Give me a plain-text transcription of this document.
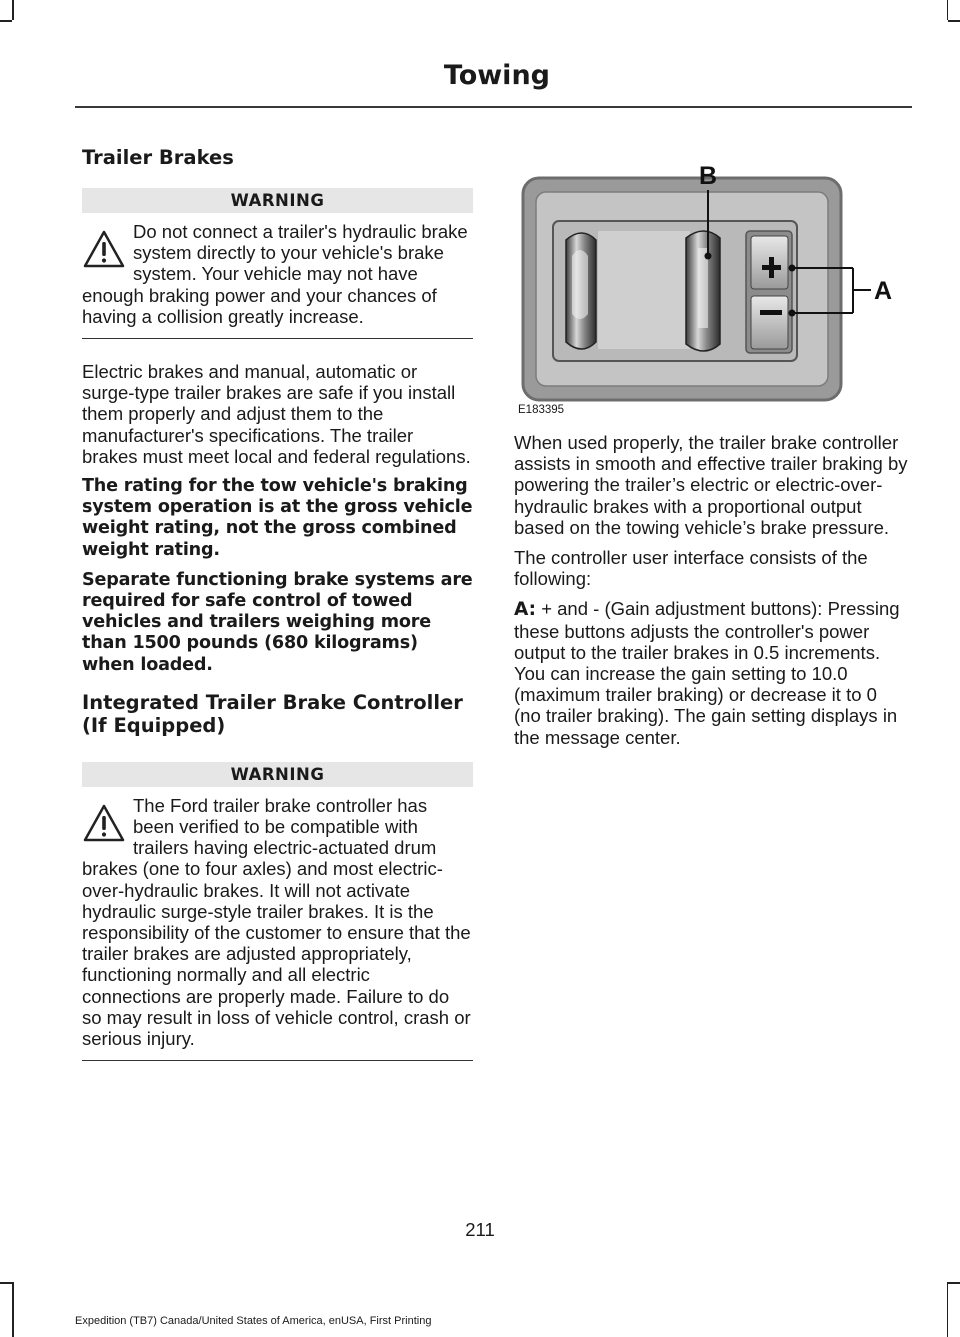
Towing
Trailer Brakes
WARNING
Do not connect a trailer's hydraulic brake system directly to your vehicle's brake system. Your vehicle may not have enough braking power and your chances of having a collision greatly increase.

Electric brakes and manual, automatic or surge-type trailer brakes are safe if you install them properly and adjust them to the manufacturer's specifications. The trailer brakes must meet local and federal regulations.

The rating for the tow vehicle's braking system operation is at the gross vehicle weight rating, not the gross combined weight rating.

Separate functioning brake systems are required for safe control of towed vehicles and trailers weighing more than 1500 pounds (680 kilograms) when loaded.

Integrated Trailer Brake Controller (If Equipped)
WARNING
The Ford trailer brake controller has been verified to be compatible with trailers having electric-actuated drum brakes (one to four axles) and most electric-over-hydraulic brakes. It will not activate hydraulic surge-style trailer brakes. It is the responsibility of the customer to ensure that the trailer brakes are adjusted appropriately, functioning normally and all electric connections are properly made. Failure to do so may result in loss of vehicle control, crash or serious injury.
B
A
E183395

When used properly, the trailer brake controller assists in smooth and effective trailer braking by powering the trailer’s electric or electric-over-hydraulic brakes with a proportional output based on the towing vehicle’s brake pressure.

The controller user interface consists of the following:

A: + and - (Gain adjustment buttons): Pressing these buttons adjusts the controller's power output to the trailer brakes in 0.5 increments. You can increase the gain setting to 10.0 (maximum trailer braking) or decrease it to 0 (no trailer braking). The gain setting displays in the message center.

211
Expedition (TB7) Canada/United States of America, enUSA, First Printing
